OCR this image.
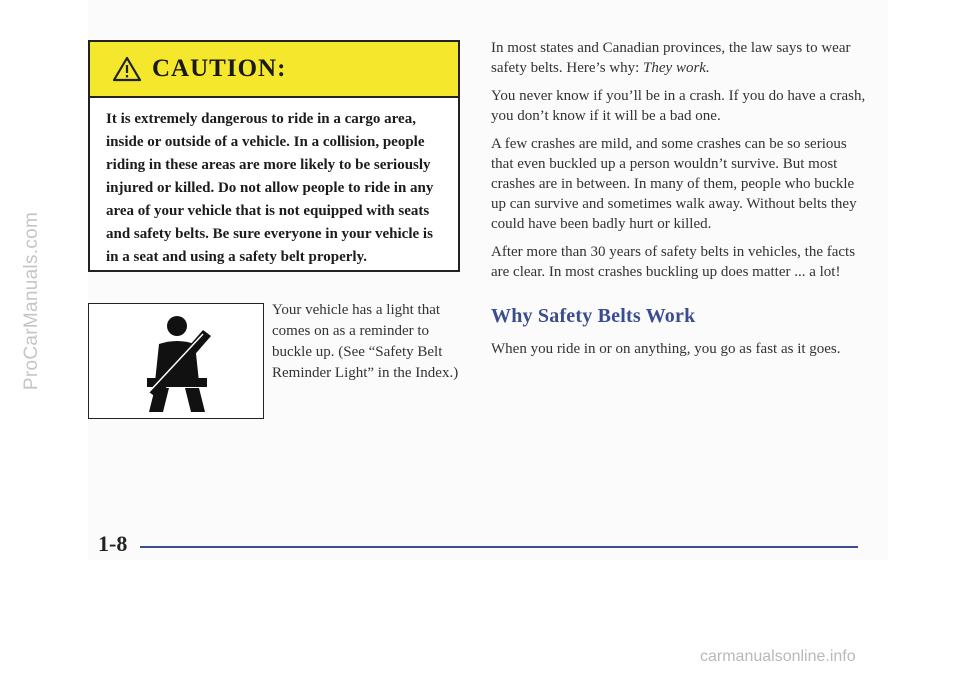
CAUTION:
It is extremely dangerous to ride in a cargo area, inside or outside of a vehicle. In a collision, people riding in these areas are more likely to be seriously injured or killed. Do not allow people to ride in any area of your vehicle that is not equipped with seats and safety belts. Be sure everyone in your vehicle is in a seat and using a safety belt properly.
Your vehicle has a light that comes on as a reminder to buckle up. (See “Safety Belt Reminder Light” in the Index.)

In most states and Canadian provinces, the law says to wear safety belts. Here’s why: They work.

You never know if you’ll be in a crash. If you do have a crash, you don’t know if it will be a bad one.

A few crashes are mild, and some crashes can be so serious that even buckled up a person wouldn’t survive. But most crashes are in between. In many of them, people who buckle up can survive and sometimes walk away. Without belts they could have been badly hurt or killed.

After more than 30 years of safety belts in vehicles, the facts are clear. In most crashes buckling up does matter ... a lot!

Why Safety Belts Work
When you ride in or on anything, you go as fast as it goes.
1-8
ProCarManuals.com
carmanualsonline.info
